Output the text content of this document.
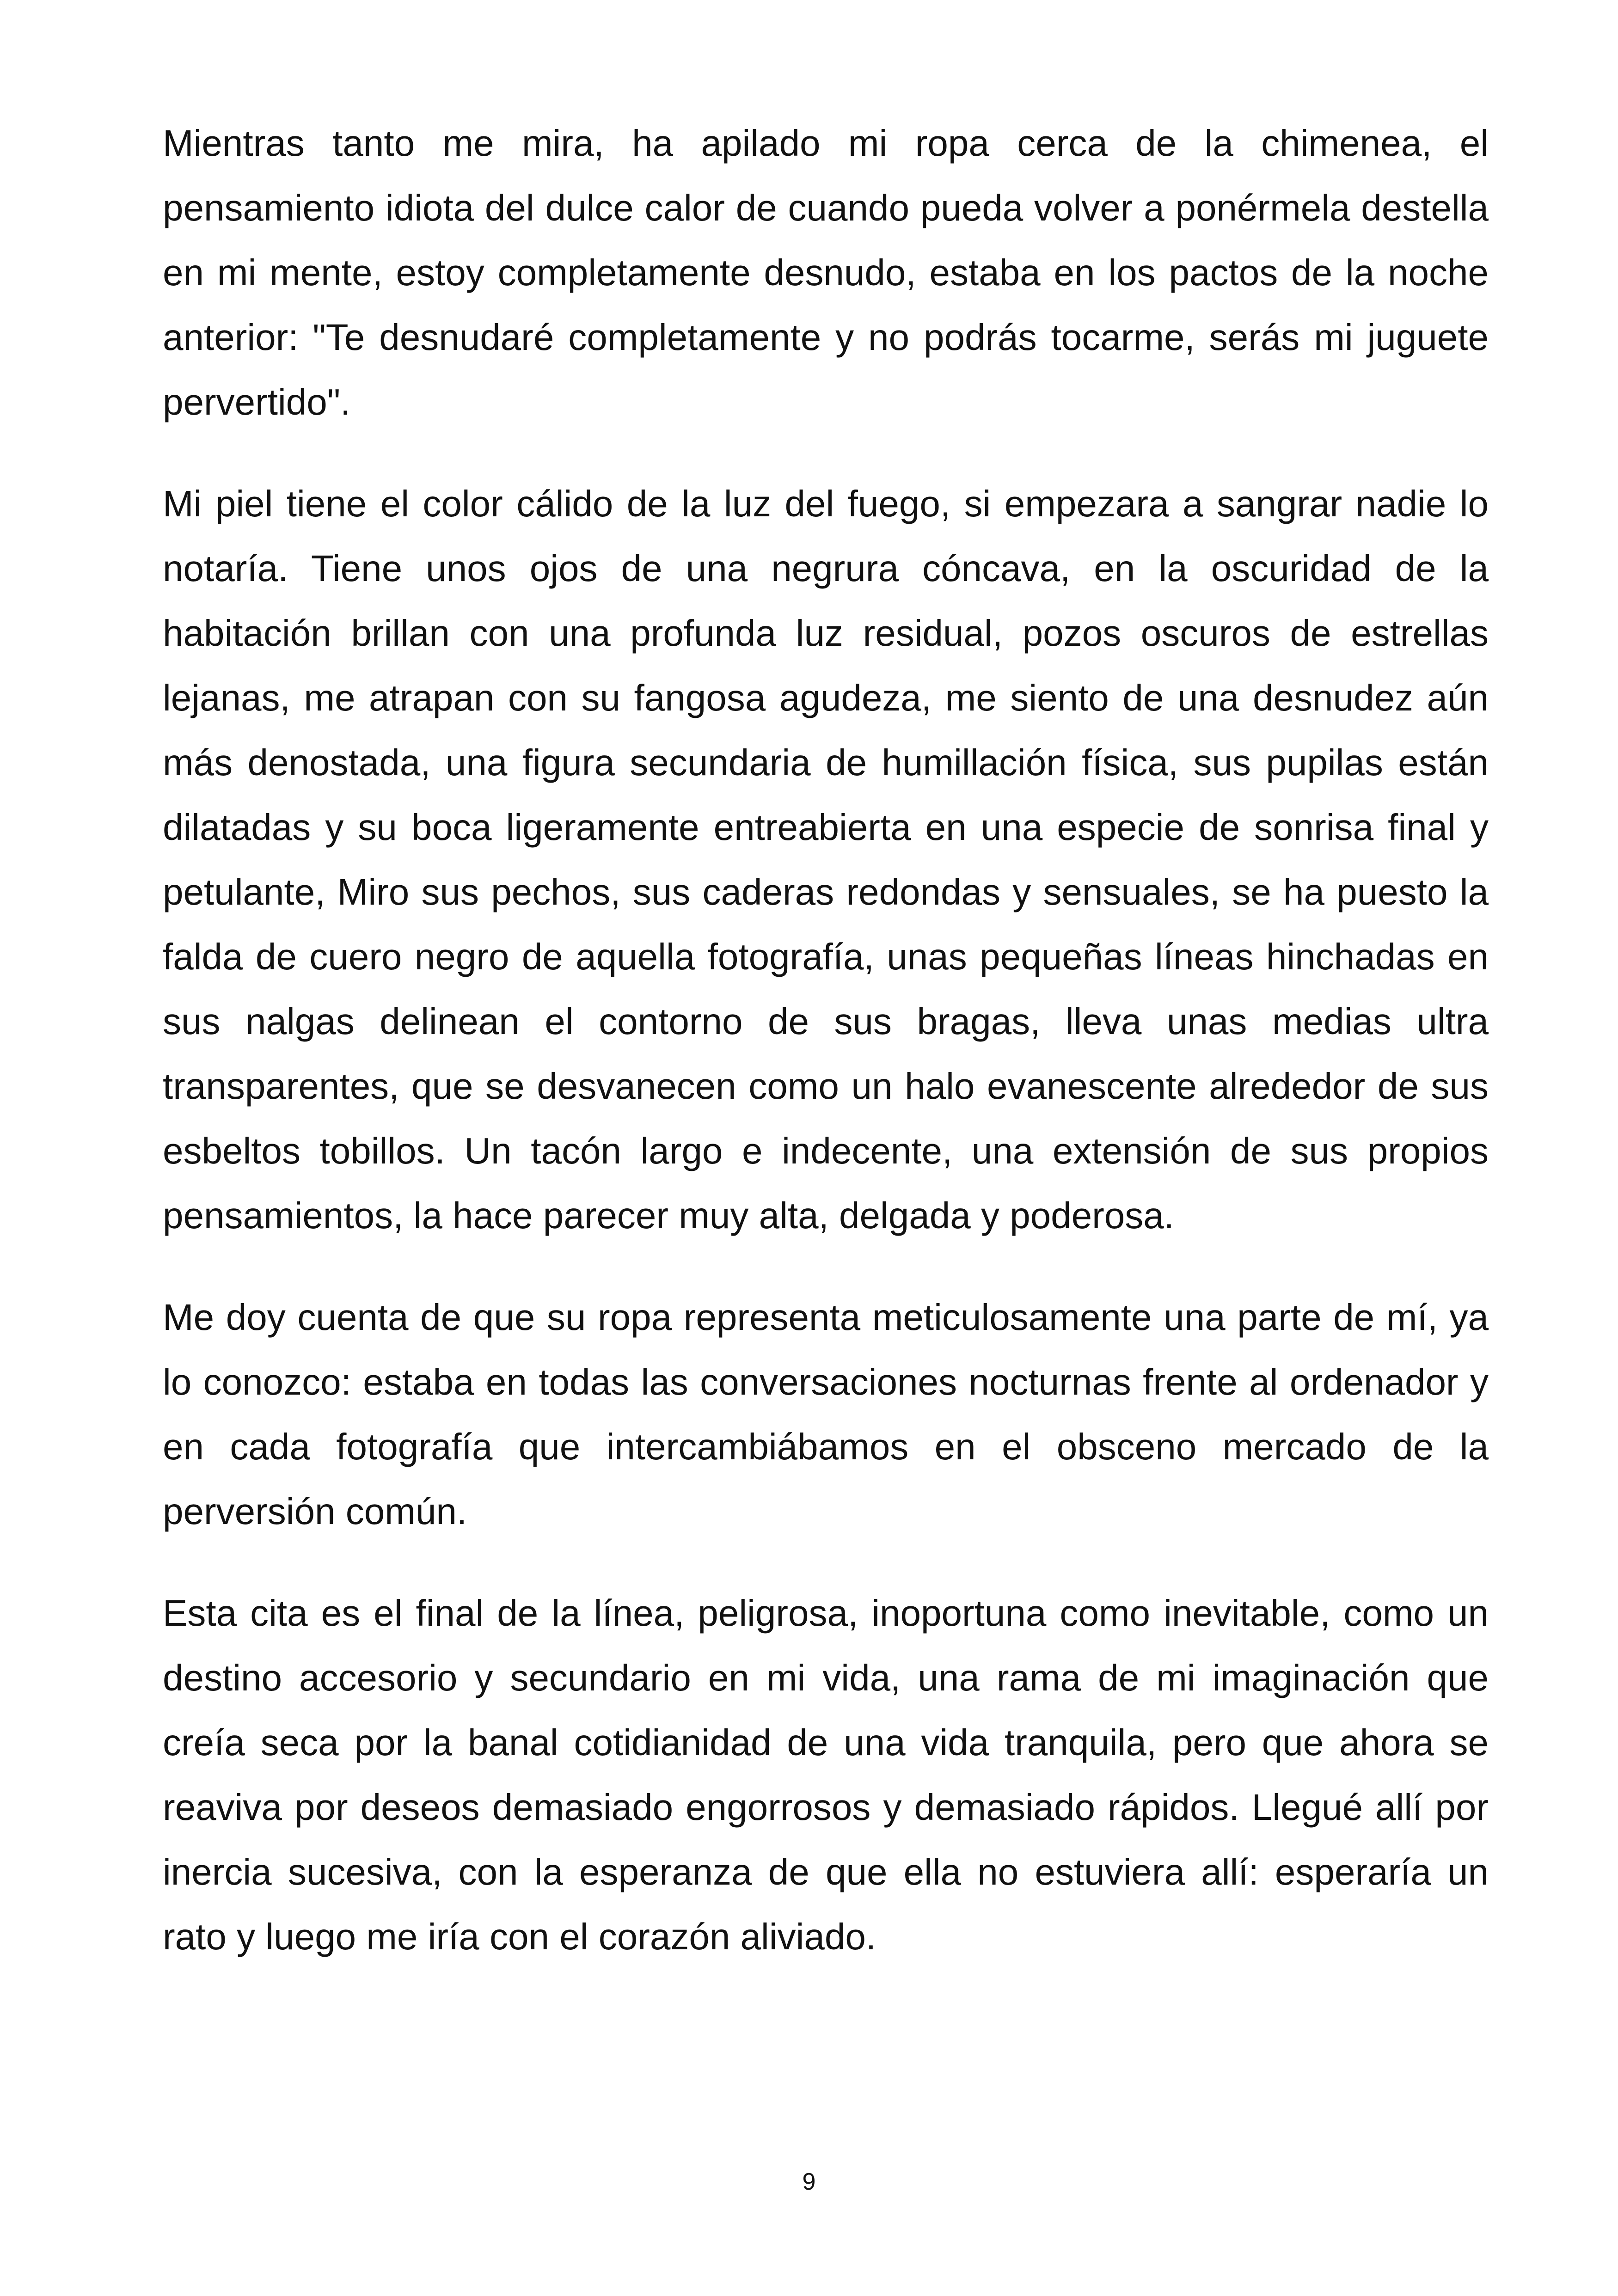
Mientras tanto me mira, ha apilado mi ropa cerca de la chimenea, el pensamiento idiota del dulce calor de cuando pueda volver a ponérmela destella en mi mente, estoy completamente desnudo, estaba en los pactos de la noche anterior: "Te desnudaré completamente y no podrás tocarme, serás mi juguete pervertido".

Mi piel tiene el color cálido de la luz del fuego, si empezara a sangrar nadie lo notaría. Tiene unos ojos de una negrura cóncava, en la oscuridad de la habitación brillan con una profunda luz residual, pozos oscuros de estrellas lejanas, me atrapan con su fangosa agudeza, me siento de una desnudez aún más denostada, una figura secundaria de humillación física, sus pupilas están dilatadas y su boca ligeramente entreabierta en una especie de sonrisa final y petulante, Miro sus pechos, sus caderas redondas y sensuales, se ha puesto la falda de cuero negro de aquella fotografía, unas pequeñas líneas hinchadas en sus nalgas delinean el contorno de sus bragas, lleva unas medias ultra transparentes, que se desvanecen como un halo evanescente alrededor de sus esbeltos tobillos. Un tacón largo e indecente, una extensión de sus propios pensamientos, la hace parecer muy alta, delgada y poderosa.

Me doy cuenta de que su ropa representa meticulosamente una parte de mí, ya lo conozco: estaba en todas las conversaciones nocturnas frente al ordenador y en cada fotografía que intercambiábamos en el obsceno mercado de la perversión común.

Esta cita es el final de la línea, peligrosa, inoportuna como inevitable, como un destino accesorio y secundario en mi vida, una rama de mi imaginación que creía seca por la banal cotidianidad de una vida tranquila, pero que ahora se reaviva por deseos demasiado engorrosos y demasiado rápidos. Llegué allí por inercia sucesiva, con la esperanza de que ella no estuviera allí: esperaría un rato y luego me iría con el corazón aliviado.

9
